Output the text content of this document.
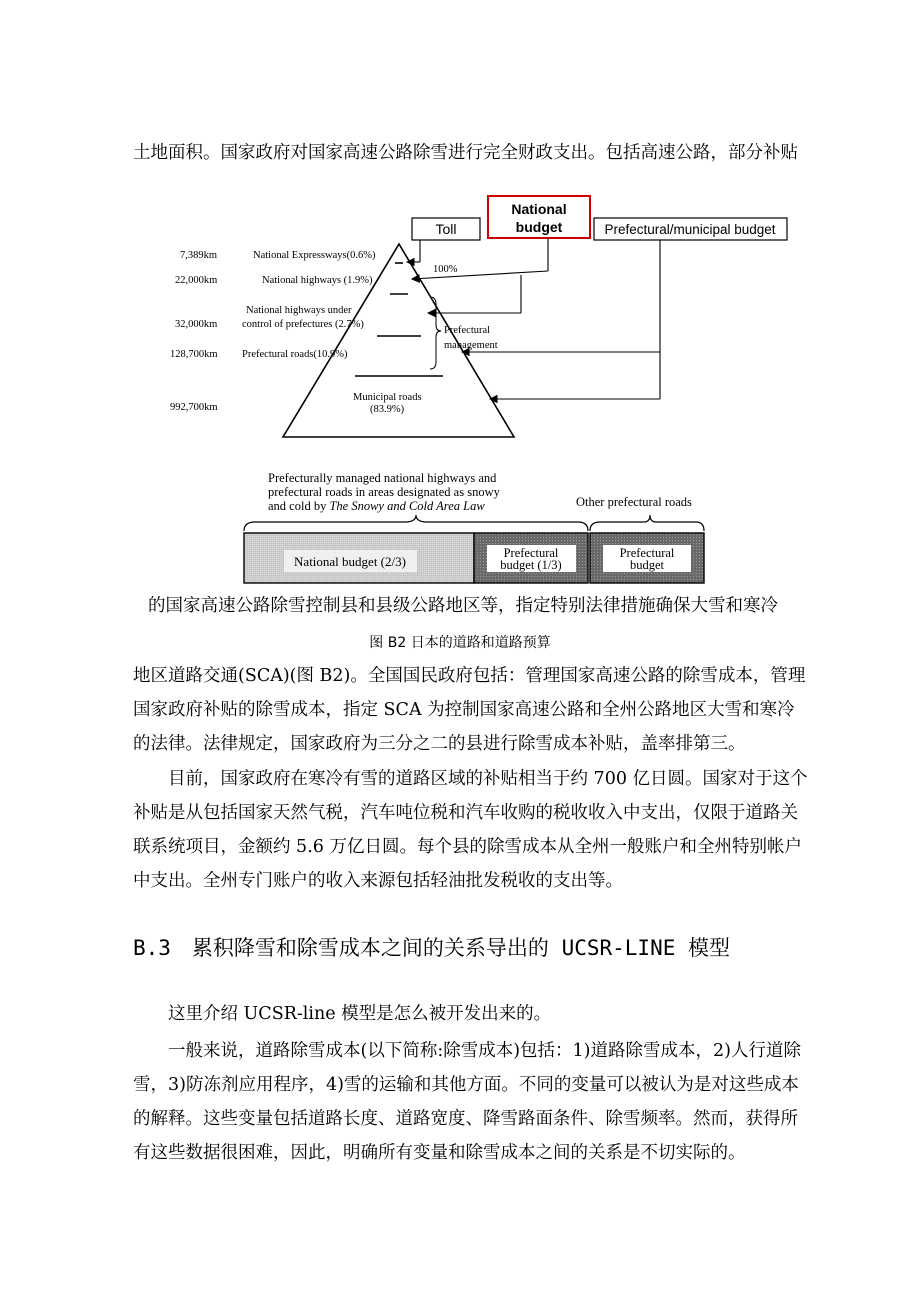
土地面积。国家政府对国家高速公路除雪进行完全财政支出。包括高速公路，部分补贴
Toll
National
budget	Prefectural/municipal budget
7,389km
22,000km
32,000km
128,700km
992,700km
National Expressways(0.6%)
National highways (1.9%)
National highways under
control of prefectures (2.7%)
Prefectural roads(10.9%)
Municipal roads
(83.9%)
100%
Prefectural
management
Prefecturally managed national highways and
prefectural roads in areas designated as snowy
and cold by The Snowy and Cold Area Law	Other prefectural roads
National budget (2/3)
Prefectural
budget (1/3)
Prefectural
budget
的国家高速公路除雪控制县和县级公路地区等，指定特别法律措施确保大雪和寒冷
图 B2 日本的道路和道路预算
地区道路交通(SCA)(图 B2)。全国国民政府包括：管理国家高速公路的除雪成本，管理
国家政府补贴的除雪成本，指定 SCA 为控制国家高速公路和全州公路地区大雪和寒冷
的法律。法律规定，国家政府为三分之二的县进行除雪成本补贴，盖率排第三。
目前，国家政府在寒冷有雪的道路区域的补贴相当于约 700 亿日圆。国家对于这个
补贴是从包括国家天然气税，汽车吨位税和汽车收购的税收收入中支出，仅限于道路关
联系统项目，金额约 5.6 万亿日圆。每个县的除雪成本从全州一般账户和全州特别帐户
中支出。全州专门账户的收入来源包括轻油批发税收的支出等。
B.3　累积降雪和除雪成本之间的关系导出的 UCSR-LINE 模型
这里介绍 UCSR-line 模型是怎么被开发出来的。
一般来说，道路除雪成本(以下简称:除雪成本)包括：1)道路除雪成本，2)人行道除
雪，3)防冻剂应用程序，4)雪的运输和其他方面。不同的变量可以被认为是对这些成本
的解释。这些变量包括道路长度、道路宽度、降雪路面条件、除雪频率。然而，获得所
有这些数据很困难，因此，明确所有变量和除雪成本之间的关系是不切实际的。
